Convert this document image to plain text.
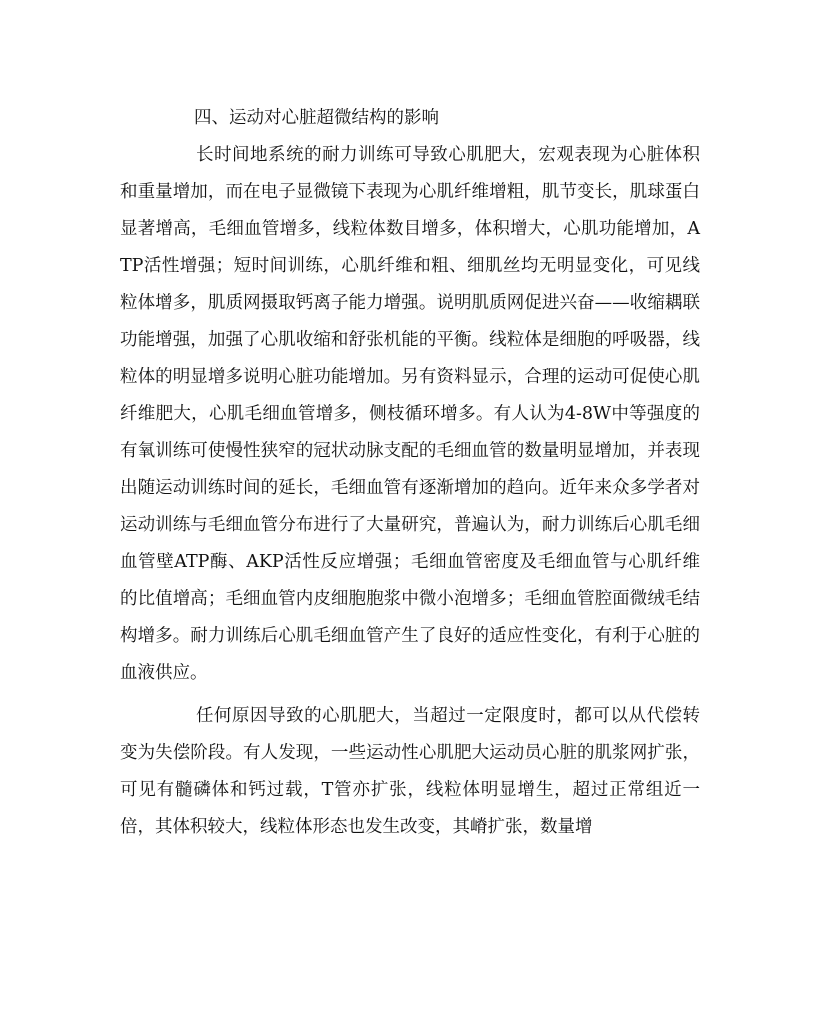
四、运动对心脏超微结构的影响

长时间地系统的耐力训练可导致心肌肥大，宏观表现为心脏体积和重量增加，而在电子显微镜下表现为心肌纤维增粗，肌节变长，肌球蛋白显著增高，毛细血管增多，线粒体数目增多，体积增大，心肌功能增加，ATP活性增强；短时间训练，心肌纤维和粗、细肌丝均无明显变化，可见线粒体增多，肌质网摄取钙离子能力增强。说明肌质网促进兴奋——收缩耦联功能增强，加强了心肌收缩和舒张机能的平衡。线粒体是细胞的呼吸器，线粒体的明显增多说明心脏功能增加。另有资料显示，合理的运动可促使心肌纤维肥大，心肌毛细血管增多，侧枝循环增多。有人认为4-8W中等强度的有氧训练可使慢性狭窄的冠状动脉支配的毛细血管的数量明显增加，并表现出随运动训练时间的延长，毛细血管有逐渐增加的趋向。近年来众多学者对运动训练与毛细血管分布进行了大量研究，普遍认为，耐力训练后心肌毛细血管壁ATP酶、AKP活性反应增强；毛细血管密度及毛细血管与心肌纤维的比值增高；毛细血管内皮细胞胞浆中微小泡增多；毛细血管腔面微绒毛结构增多。耐力训练后心肌毛细血管产生了良好的适应性变化，有利于心脏的血液供应。

任何原因导致的心肌肥大，当超过一定限度时，都可以从代偿转变为失偿阶段。有人发现，一些运动性心肌肥大运动员心脏的肌浆网扩张，可见有髓磷体和钙过载，T管亦扩张，线粒体明显增生，超过正常组近一倍，其体积较大，线粒体形态也发生改变，其嵴扩张，数量增
